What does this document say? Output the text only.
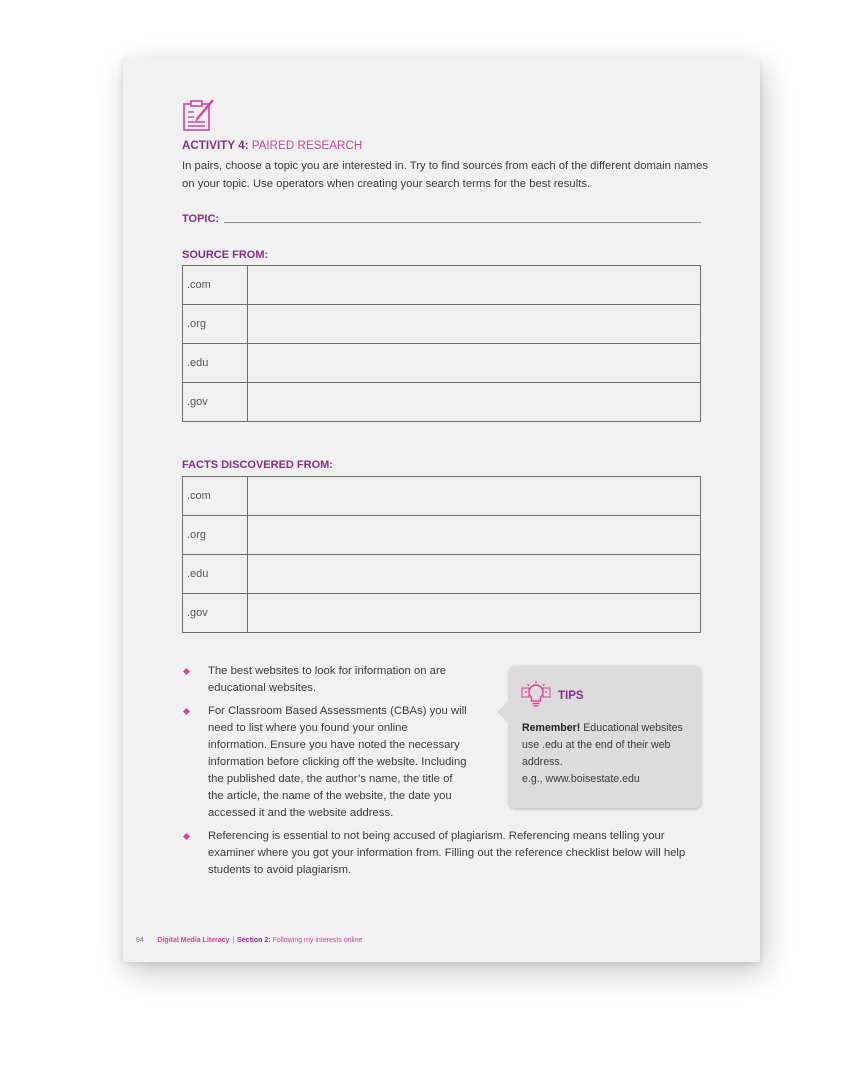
ACTIVITY 4: PAIRED RESEARCH
In pairs, choose a topic you are interested in. Try to find sources from each of the different domain names on your topic. Use operators when creating your search terms for the best results.
TOPIC:
SOURCE FROM:
.com	
.org	
.edu	
.gov	
FACTS DISCOVERED FROM:
.com	
.org	
.edu	
.gov	
The best websites to look for information on are educational websites.
For Classroom Based Assessments (CBAs) you will need to list where you found your online information. Ensure you have noted the necessary information before clicking off the website. Including the published date, the author’s name, the title of the article, the name of the website, the date you accessed it and the website address.
Referencing is essential to not being accused of plagiarism. Referencing means telling your examiner where you got your information from. Filling out the reference checklist below will help students to avoid plagiarism.
TIPS
Remember! Educational websites use .edu at the end of their web address.
e.g., www.boisestate.edu
94 Digital Media Literacy | Section 2: Following my interests online
